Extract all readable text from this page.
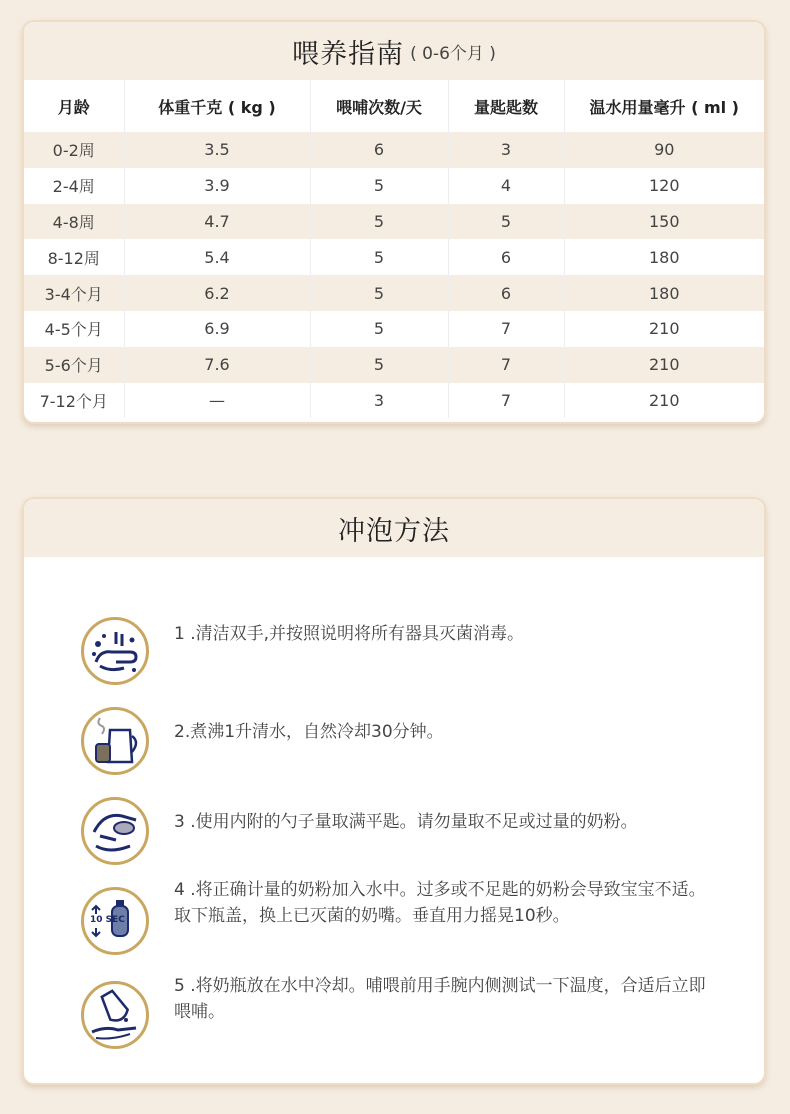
喂养指南 ( 0-6个月 )
月龄	体重千克 ( kg )	喂哺次数/天	量匙匙数	温水用量毫升 ( ml )
0-2周	3.5	6	3	90
2-4周	3.9	5	4	120
4-8周	4.7	5	5	150
8-12周	5.4	5	6	180
3-4个月	6.2	5	6	180
4-5个月	6.9	5	7	210
5-6个月	7.6	5	7	210
7-12个月	—	3	7	210
冲泡方法
1 .清洁双手,并按照说明将所有器具灭菌消毒。
2.煮沸1升清水，自然冷却30分钟。
3 .使用内附的勺子量取满平匙。请勿量取不足或过量的奶粉。
10 SEC
4 .将正确计量的奶粉加入水中。过多或不足匙的奶粉会导致宝宝不适。取下瓶盖，换上已灭菌的奶嘴。垂直用力摇晃10秒。
5 .将奶瓶放在水中冷却。哺喂前用手腕内侧测试一下温度，合适后立即喂哺。
